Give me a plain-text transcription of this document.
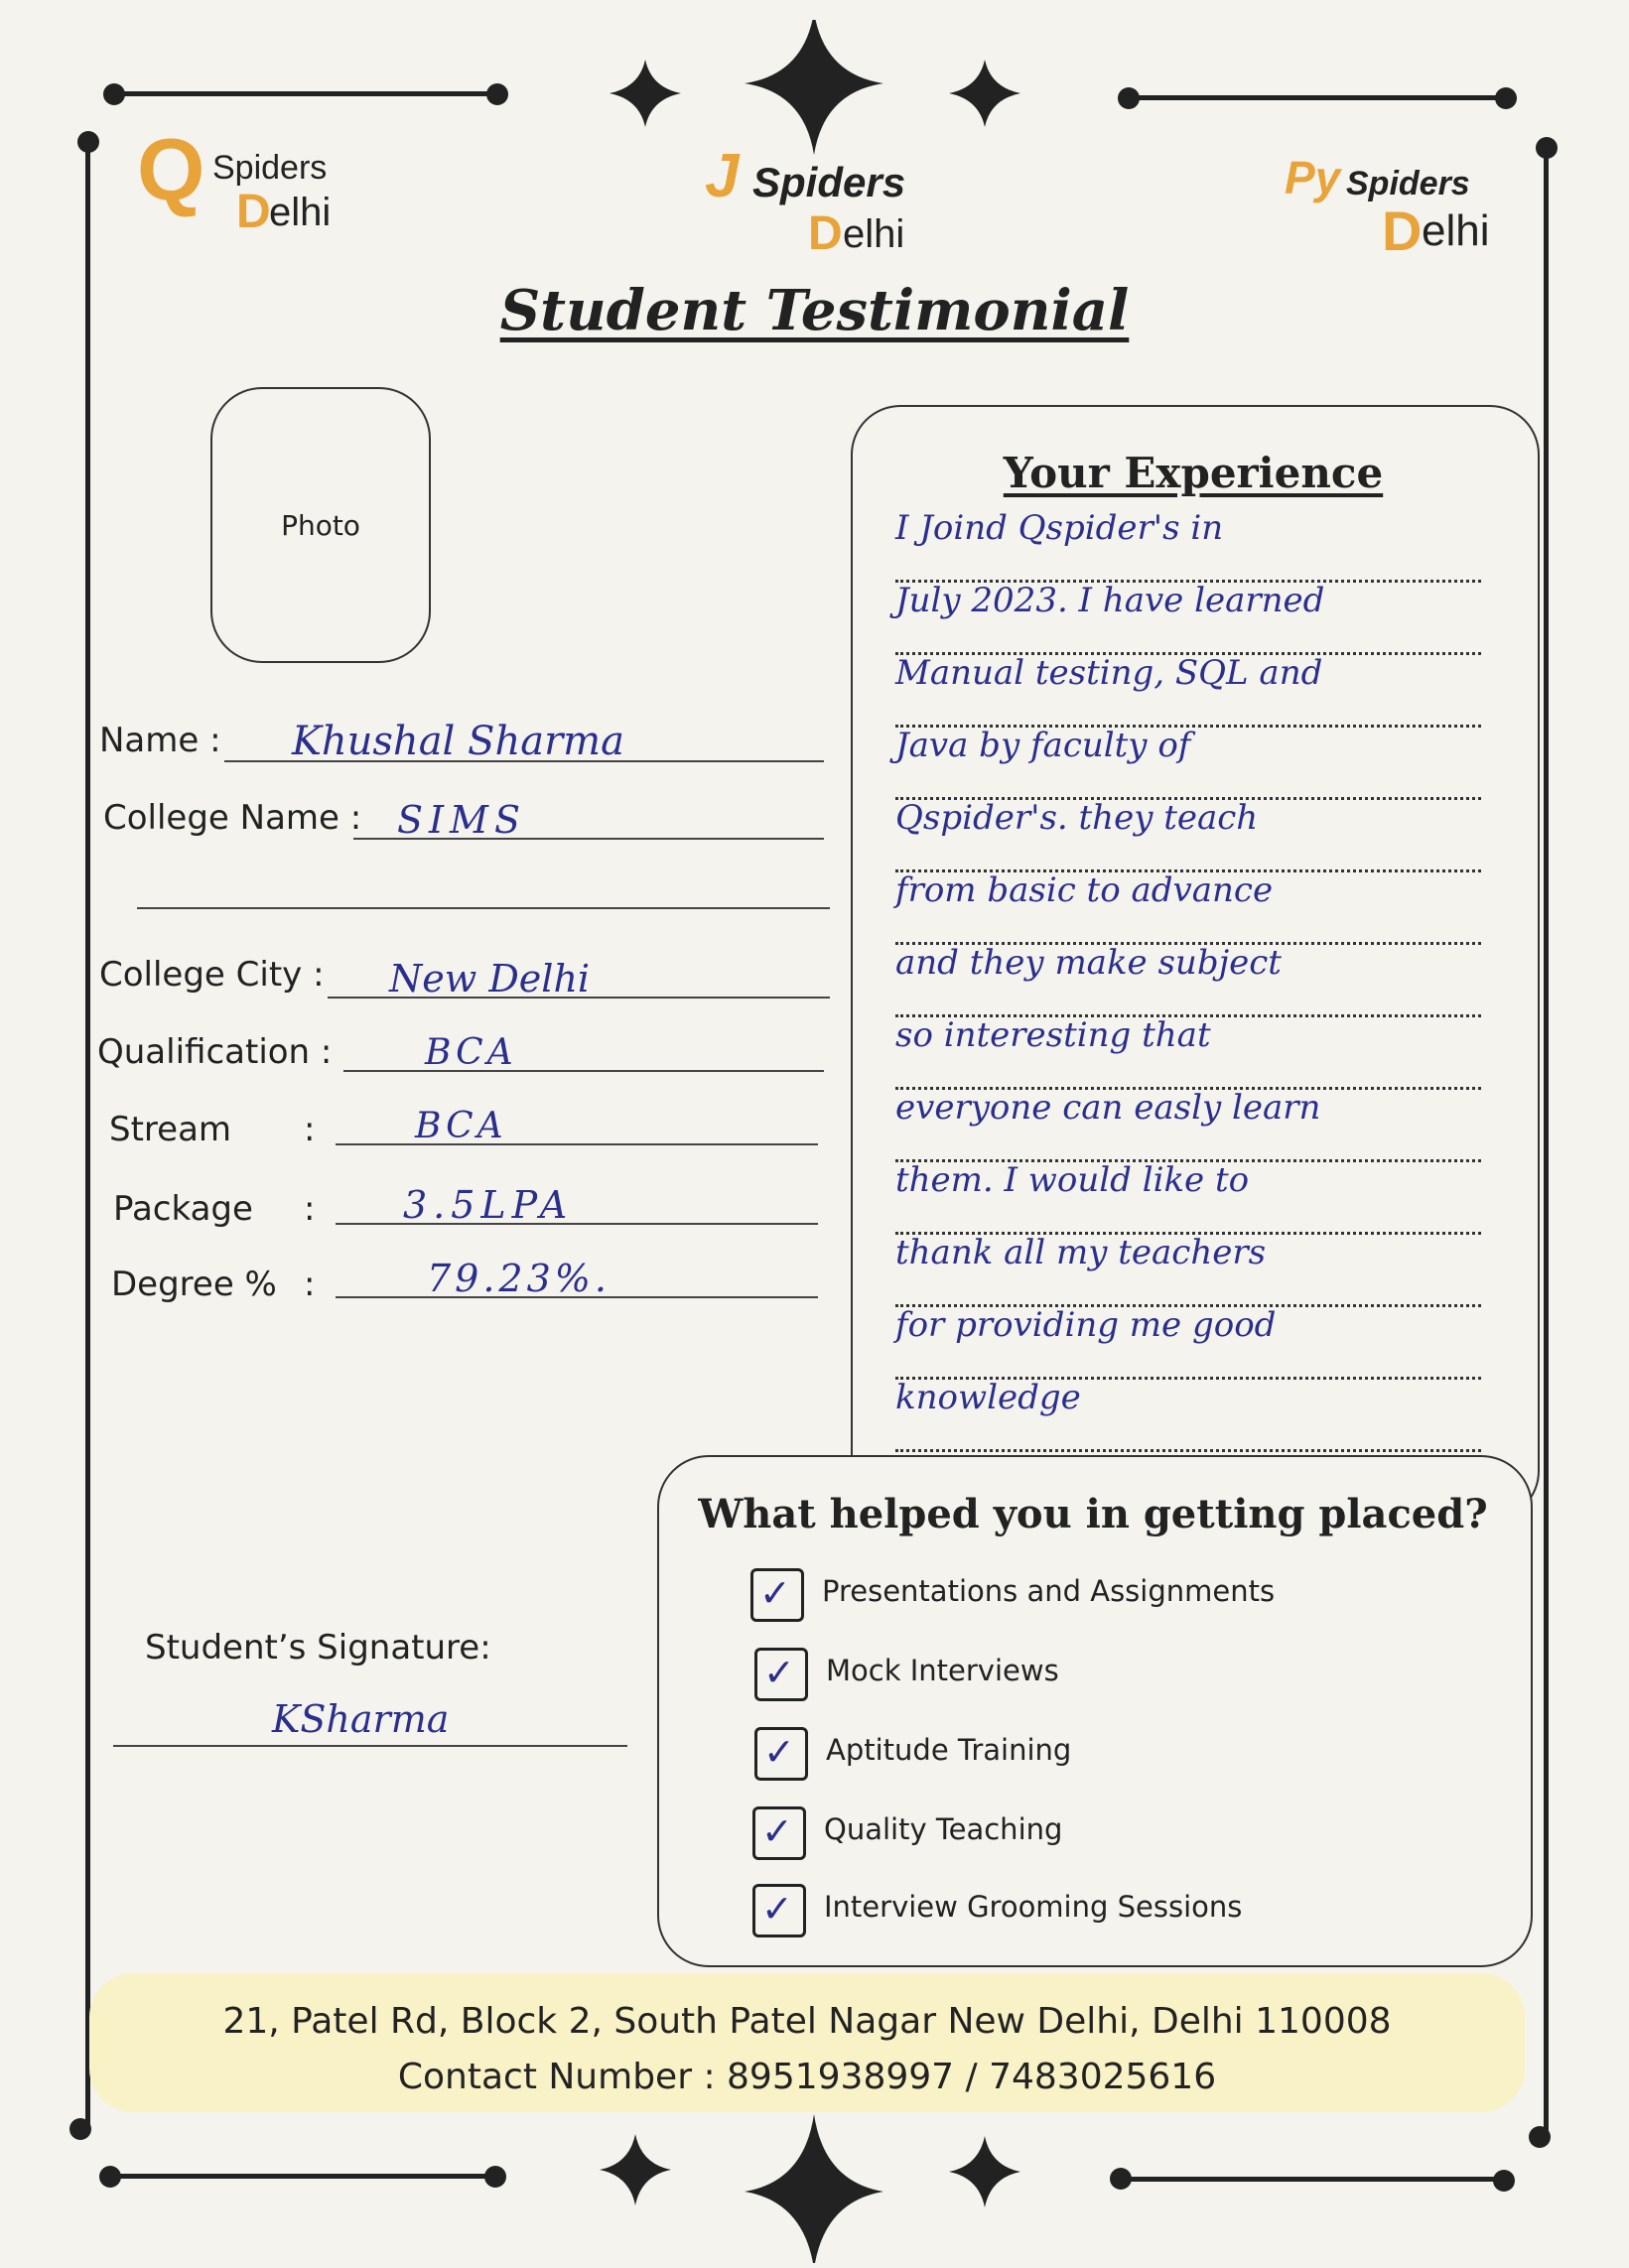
Q Spiders
D
elhi
J Spiders
D elhi
Py Spiders
D elhi
Student Testimonial
Photo
Name : Khushal Sharma
College Name : SIMS
College City : New Delhi
Qualification :	BCA
Stream :	BCA
Package : 3.5LPA
Degree % :	79.23%.
Student’s Signature:
KSharma
Your Experience
I Joind Qspider's in
July 2023. I have learned
Manual testing, SQL and
Java by faculty of
Qspider's. they teach
from basic to advance
and they make subject
so interesting that
everyone can easly learn
them. I would like to
thank all my teachers
for providing me good
knowledge
What helped you in getting placed?
✓ Presentations and Assignments
✓ Mock Interviews
✓ Aptitude Training
✓ Quality Teaching
✓ Interview Grooming Sessions
21, Patel Rd, Block 2, South Patel Nagar New Delhi, Delhi 110008
Contact Number : 8951938997 / 7483025616
